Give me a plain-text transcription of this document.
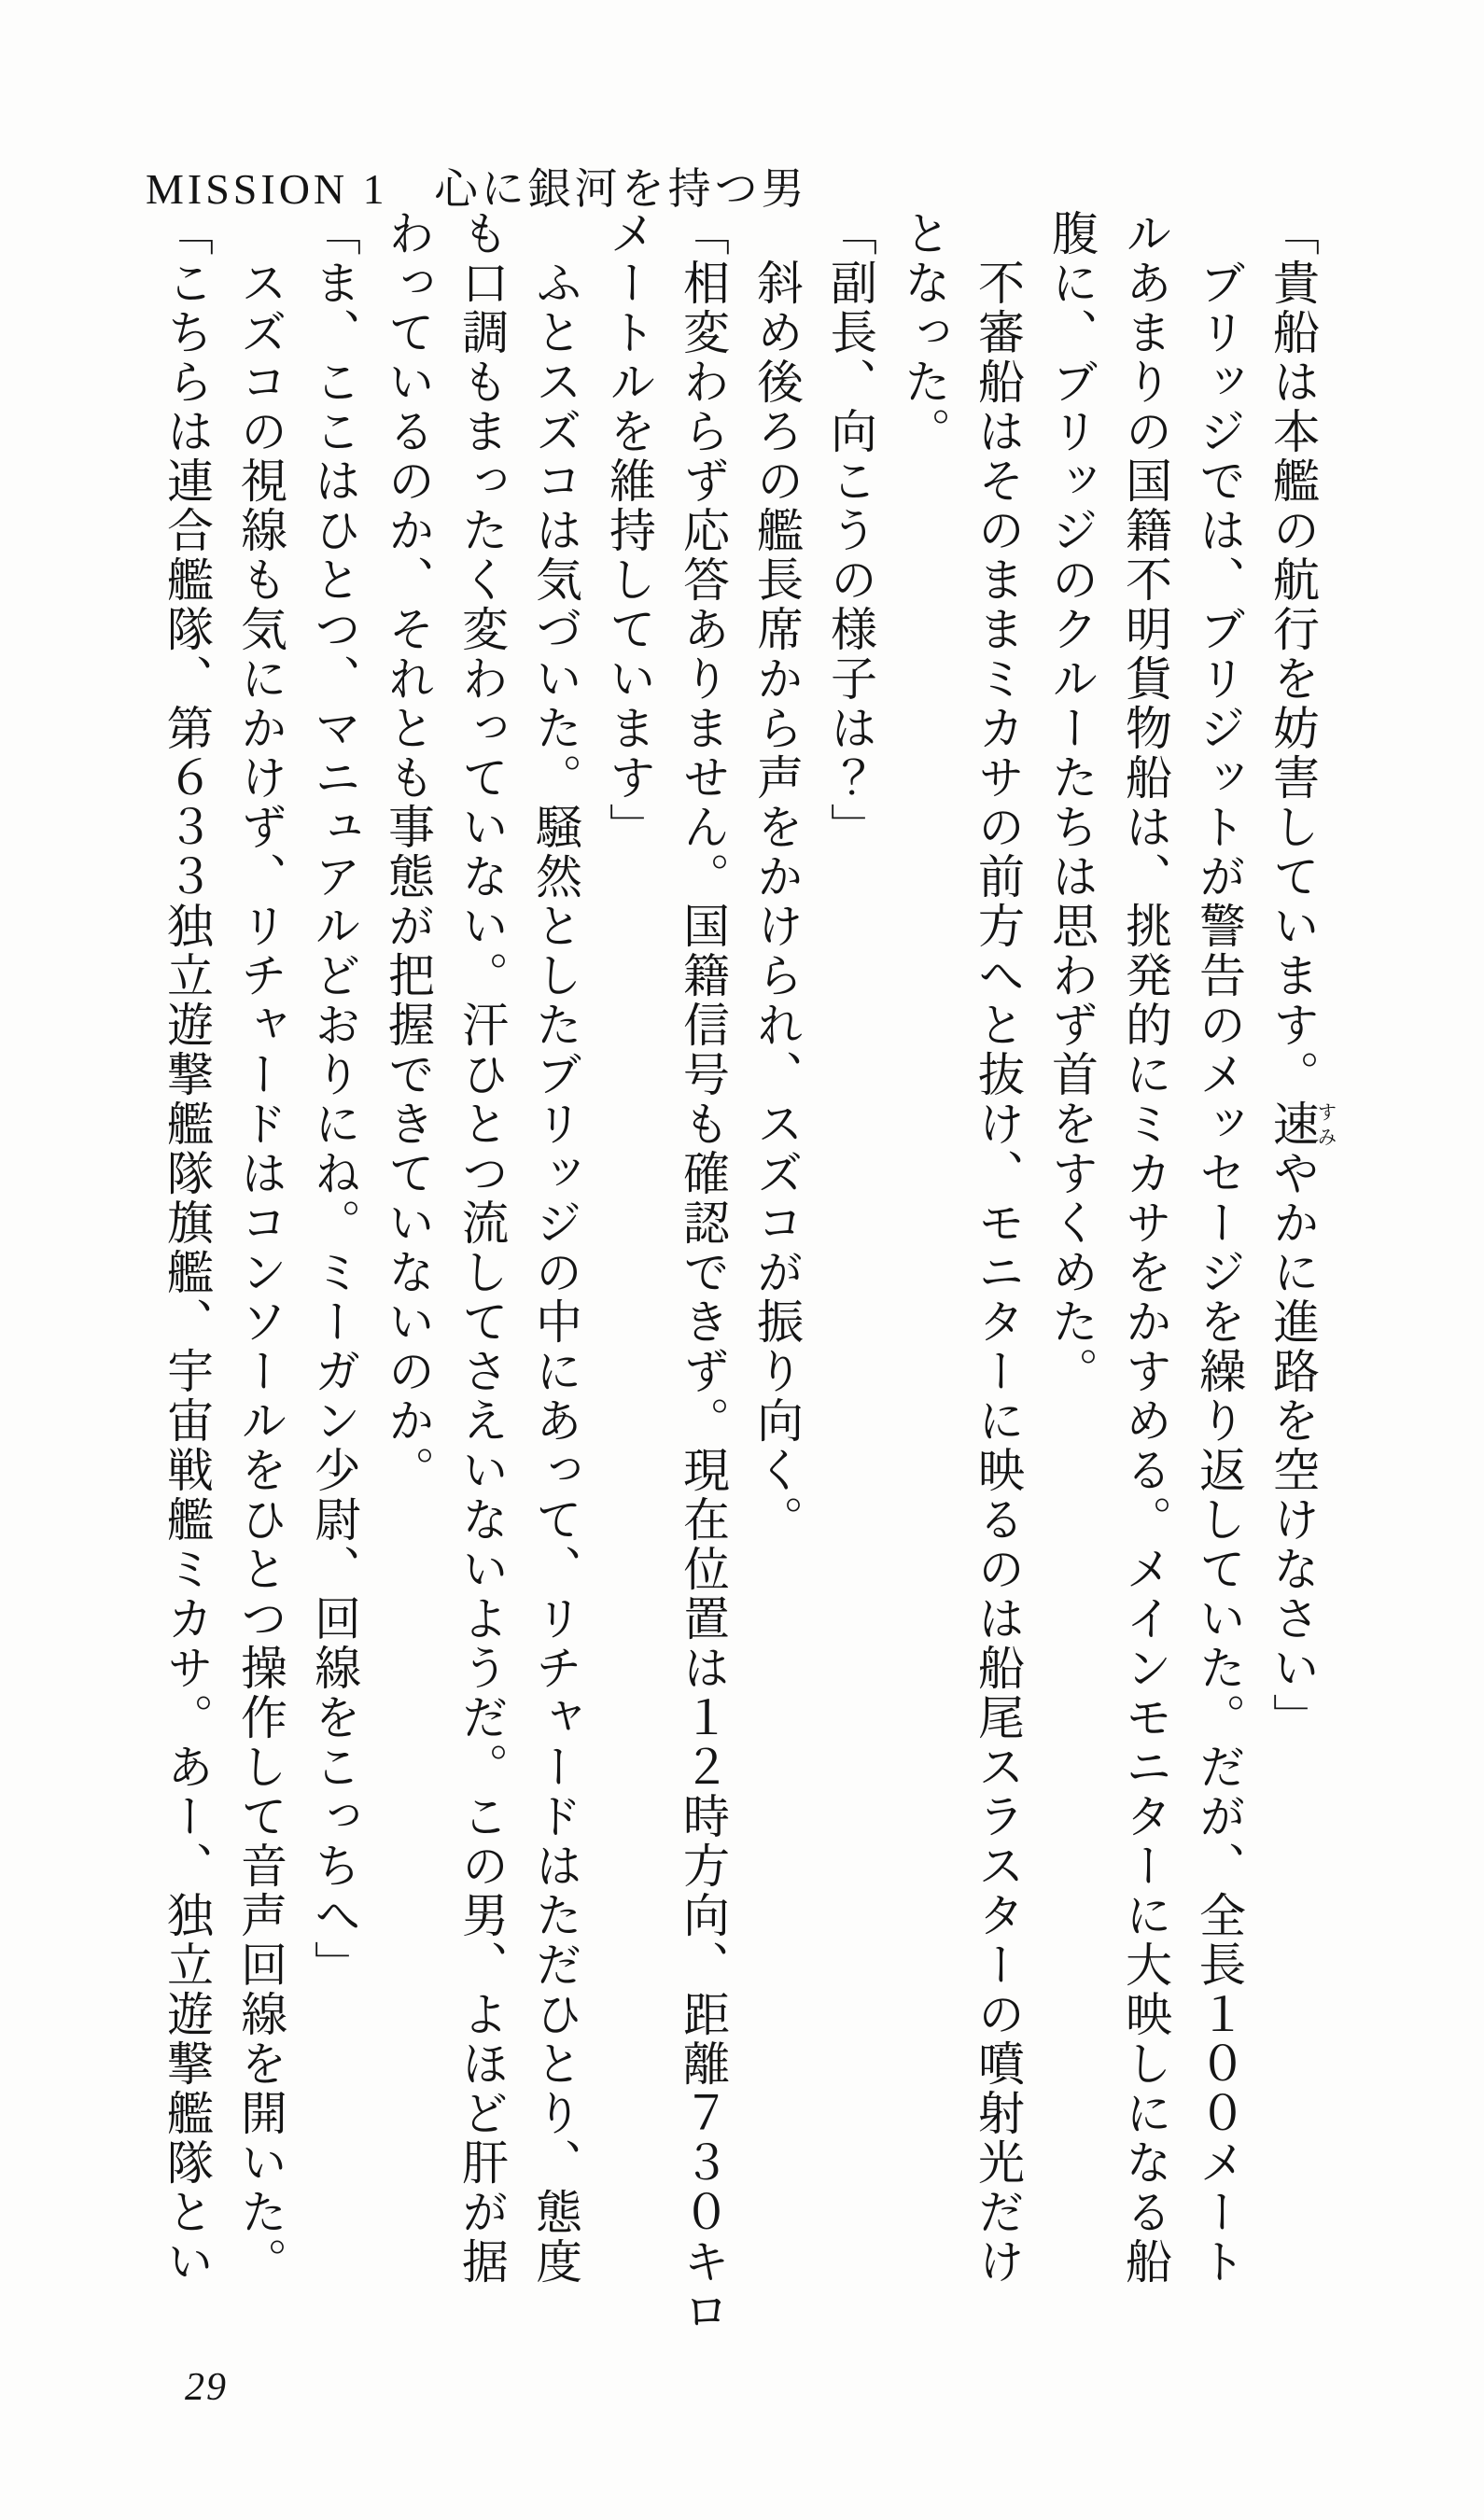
MISSION 1　心に銀河を持つ男
「貴船は本艦の航行を妨害しています。速すみやかに進路を空けなさい」
ブリッジでは、ブリジットが警告のメッセージを繰り返していた。だが、全長１００メート
ルあまりの国籍不明貨物船は、挑発的にミカサをかすめる。メインモニターに大映しになる船
腹に、ブリッジのクルーたちは思わず首をすくめた。
不審船はそのままミカサの前方へと抜け、モニターに映るのは船尾スラスターの噴射光だけ
となった。
「副長、向こうの様子は？」
斜め後ろの艦長席から声をかけられ、スズコが振り向く。
「相変わらず応答ありません。国籍信号も確認できず。現在位置は１２時方向、距離７３０キロ
メートルを維持しています」
ふとスズコは気づいた。騒然としたブリッジの中にあって、リチャードはただひとり、態度
も口調もまったく変わっていない。汗ひとつ流してさえいないようだ。この男、よほど肝が据
わっているのか、それとも事態が把握できていないのか。
「ま、ここはひとつ、マニュアルどおりにね。ミーガン少尉、回線をこっちへ」
スズコの視線も気にかけず、リチャードはコンソールをひとつ操作して音声回線を開いた。
「こちらは連合艦隊、第６３３独立遊撃艦隊旗艦、宇宙戦艦ミカサ。あー、独立遊撃艦隊とい
29
